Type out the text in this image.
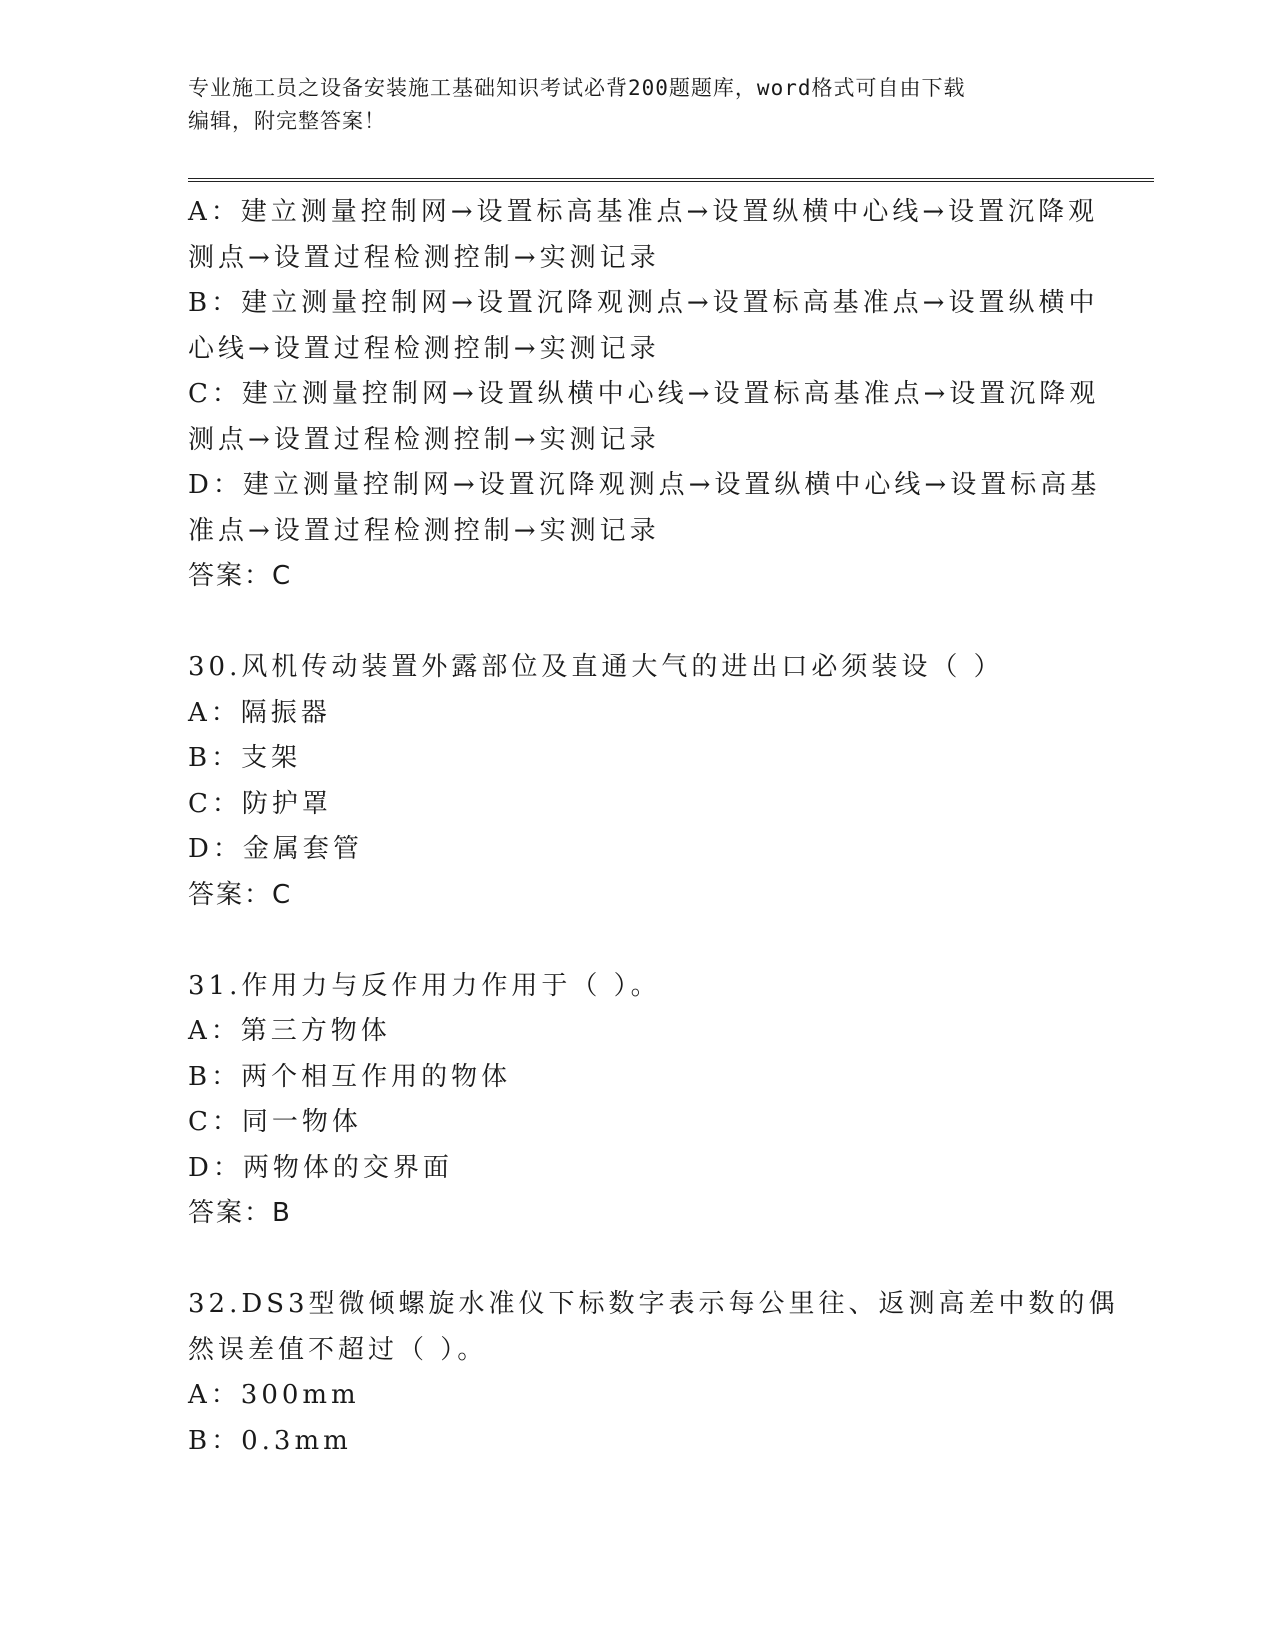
专业施工员之设备安装施工基础知识考试必背200题题库，word格式可自由下载
编辑，附完整答案！
A：建立测量控制网→设置标高基准点→设置纵横中心线→设置沉降观
测点→设置过程检测控制→实测记录
B：建立测量控制网→设置沉降观测点→设置标高基准点→设置纵横中
心线→设置过程检测控制→实测记录
C：建立测量控制网→设置纵横中心线→设置标高基准点→设置沉降观
测点→设置过程检测控制→实测记录
D：建立测量控制网→设置沉降观测点→设置纵横中心线→设置标高基
准点→设置过程检测控制→实测记录
答案：C
30.风机传动装置外露部位及直通大气的进出口必须装设（ ）
A：隔振器
B：支架
C：防护罩
D：金属套管
答案：C
31.作用力与反作用力作用于（ ）。
A：第三方物体
B：两个相互作用的物体
C：同一物体
D：两物体的交界面
答案：B
32.DS3型微倾螺旋水准仪下标数字表示每公里往、返测高差中数的偶
然误差值不超过（ ）。
A：300mm
B：0.3mm
